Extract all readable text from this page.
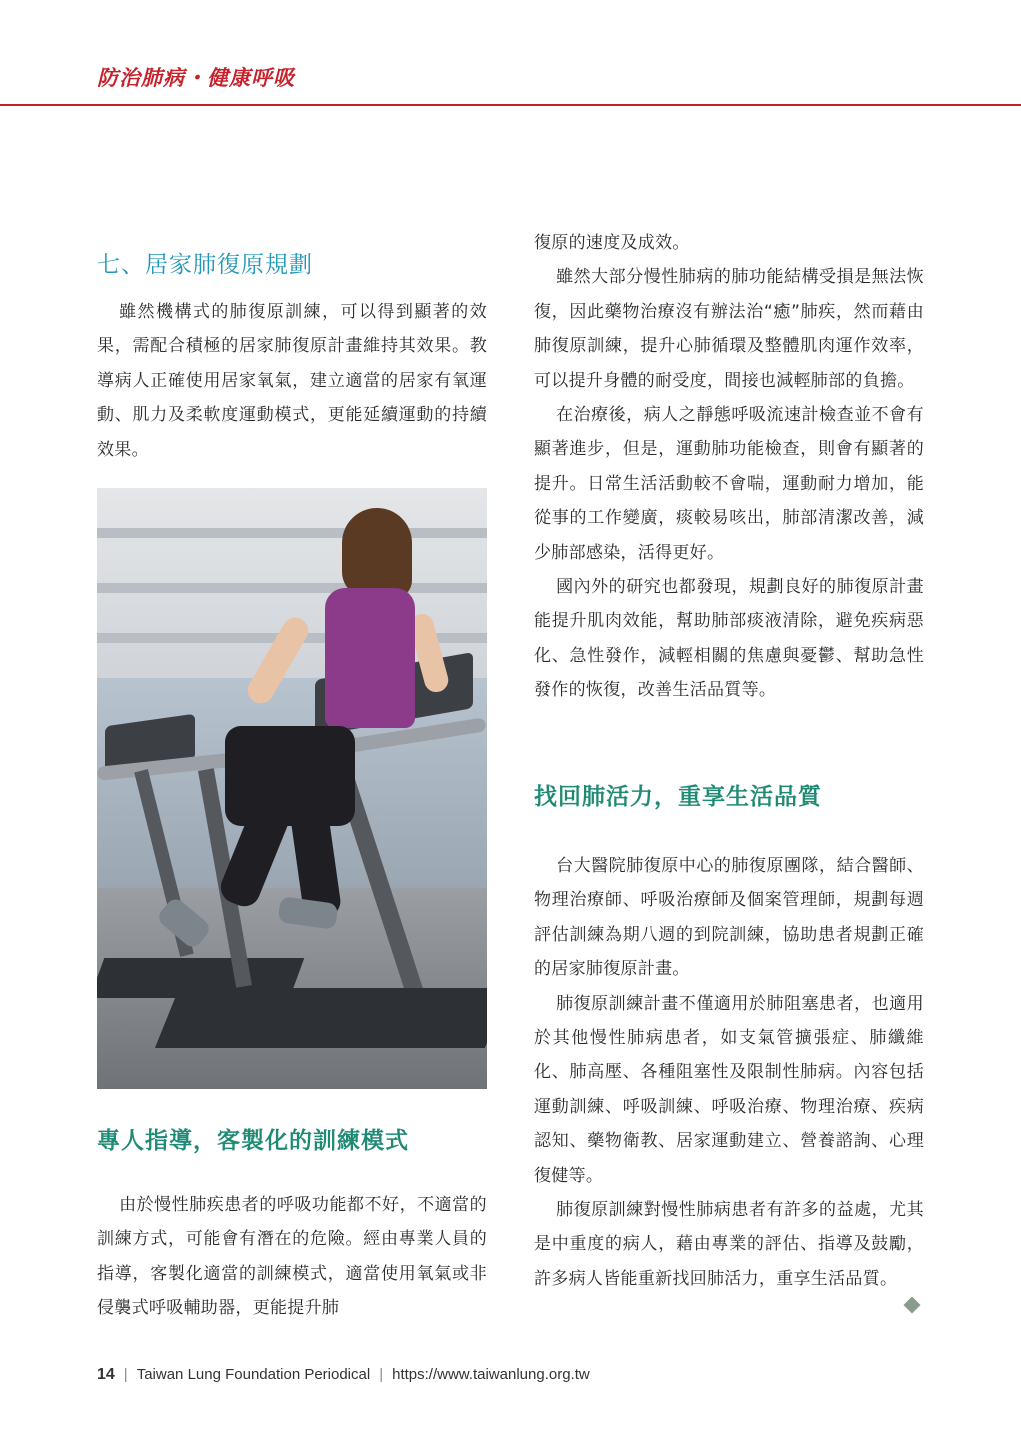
防治肺病・健康呼吸
七、居家肺復原規劃

雖然機構式的肺復原訓練，可以得到顯著的效果，需配合積極的居家肺復原計畫維持其效果。教導病人正確使用居家氧氣，建立適當的居家有氧運動、肌力及柔軟度運動模式，更能延續運動的持續效果。

專人指導，客製化的訓練模式

由於慢性肺疾患者的呼吸功能都不好，不適當的訓練方式，可能會有潛在的危險。經由專業人員的指導，客製化適當的訓練模式，適當使用氧氣或非侵襲式呼吸輔助器，更能提升肺

復原的速度及成效。

雖然大部分慢性肺病的肺功能結構受損是無法恢復，因此藥物治療沒有辦法治“癒”肺疾，然而藉由肺復原訓練，提升心肺循環及整體肌肉運作效率，可以提升身體的耐受度，間接也減輕肺部的負擔。

在治療後，病人之靜態呼吸流速計檢查並不會有顯著進步，但是，運動肺功能檢查，則會有顯著的提升。日常生活活動較不會喘，運動耐力增加，能從事的工作變廣，痰較易咳出，肺部清潔改善，減少肺部感染，活得更好。

國內外的研究也都發現，規劃良好的肺復原計畫能提升肌肉效能，幫助肺部痰液清除，避免疾病惡化、急性發作，減輕相關的焦慮與憂鬱、幫助急性發作的恢復，改善生活品質等。

找回肺活力，重享生活品質

台大醫院肺復原中心的肺復原團隊，結合醫師、物理治療師、呼吸治療師及個案管理師，規劃每週評估訓練為期八週的到院訓練，協助患者規劃正確的居家肺復原計畫。

肺復原訓練計畫不僅適用於肺阻塞患者，也適用於其他慢性肺病患者，如支氣管擴張症、肺纖維化、肺高壓、各種阻塞性及限制性肺病。內容包括運動訓練、呼吸訓練、呼吸治療、物理治療、疾病認知、藥物衛教、居家運動建立、營養諮詢、心理復健等。

肺復原訓練對慢性肺病患者有許多的益處，尤其是中重度的病人，藉由專業的評估、指導及鼓勵，許多病人皆能重新找回肺活力，重享生活品質。

14 | Taiwan Lung Foundation Periodical | https://www.taiwanlung.org.tw
